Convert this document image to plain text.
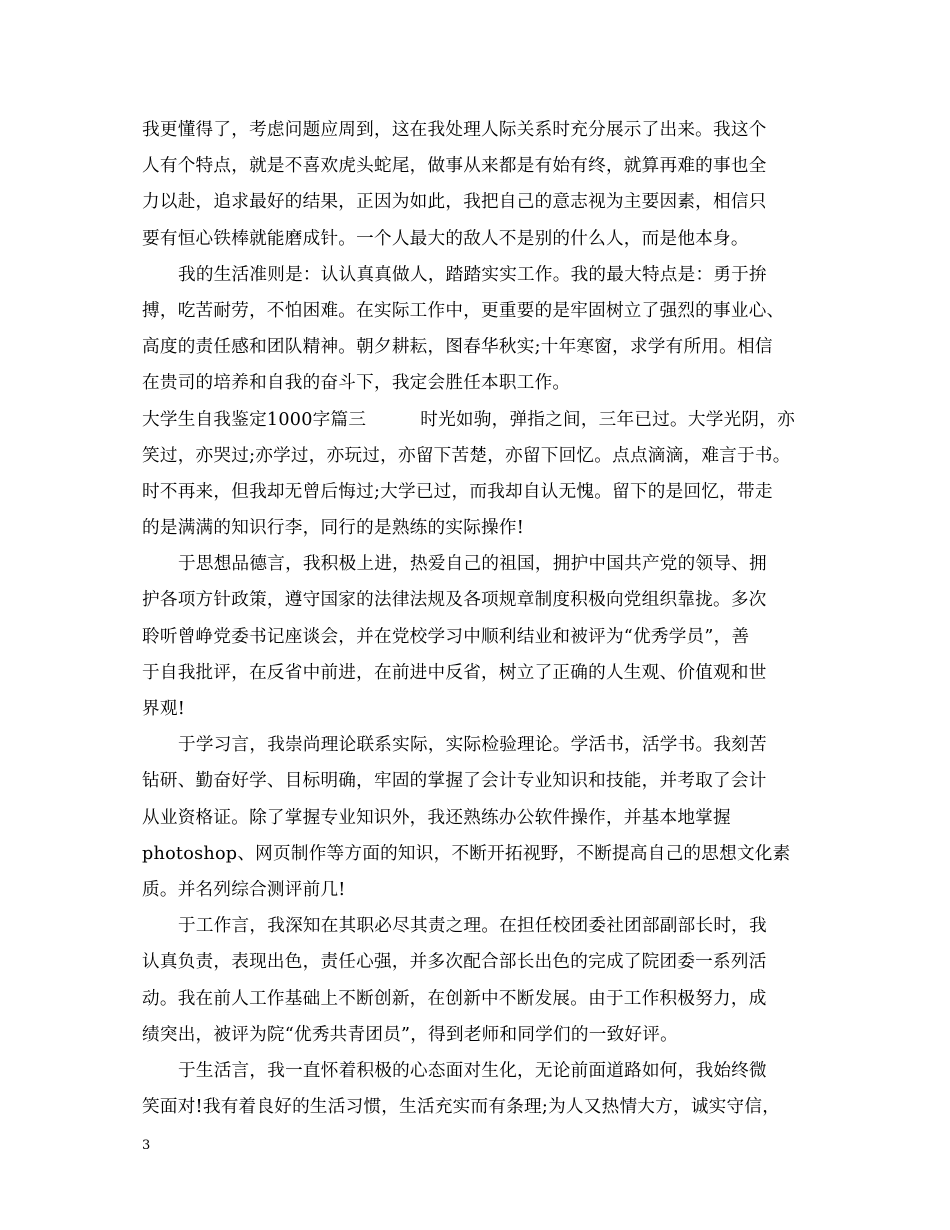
我更懂得了，考虑问题应周到，这在我处理人际关系时充分展示了出来。我这个
人有个特点，就是不喜欢虎头蛇尾，做事从来都是有始有终，就算再难的事也全
力以赴，追求最好的结果，正因为如此，我把自己的意志视为主要因素，相信只
要有恒心铁棒就能磨成针。一个人最大的敌人不是别的什么人，而是他本身。
我的生活准则是：认认真真做人，踏踏实实工作。我的最大特点是：勇于拚
搏，吃苦耐劳，不怕困难。在实际工作中，更重要的是牢固树立了强烈的事业心、
高度的责任感和团队精神。朝夕耕耘，图春华秋实;十年寒窗，求学有所用。相信
在贵司的培养和自我的奋斗下，我定会胜任本职工作。
大学生自我鉴定1000字篇三	时光如驹，弹指之间，三年已过。大学光阴，亦
笑过，亦哭过;亦学过，亦玩过，亦留下苦楚，亦留下回忆。点点滴滴，难言于书。
时不再来，但我却无曾后悔过;大学已过，而我却自认无愧。留下的是回忆，带走
的是满满的知识行李，同行的是熟练的实际操作!
于思想品德言，我积极上进，热爱自己的祖国，拥护中国共产党的领导、拥
护各项方针政策，遵守国家的法律法规及各项规章制度积极向党组织靠拢。多次
聆听曾峥党委书记座谈会，并在党校学习中顺利结业和被评为“优秀学员”，善
于自我批评，在反省中前进，在前进中反省，树立了正确的人生观、价值观和世
界观!
于学习言，我崇尚理论联系实际，实际检验理论。学活书，活学书。我刻苦
钻研、勤奋好学、目标明确，牢固的掌握了会计专业知识和技能，并考取了会计
从业资格证。除了掌握专业知识外，我还熟练办公软件操作，并基本地掌握
photoshop、网页制作等方面的知识，不断开拓视野，不断提高自己的思想文化素
质。并名列综合测评前几!
于工作言，我深知在其职必尽其责之理。在担任校团委社团部副部长时，我
认真负责，表现出色，责任心强，并多次配合部长出色的完成了院团委一系列活
动。我在前人工作基础上不断创新，在创新中不断发展。由于工作积极努力，成
绩突出，被评为院“优秀共青团员”，得到老师和同学们的一致好评。
于生活言，我一直怀着积极的心态面对生化，无论前面道路如何，我始终微
笑面对!我有着良好的生活习惯，生活充实而有条理;为人又热情大方，诚实守信，
3
